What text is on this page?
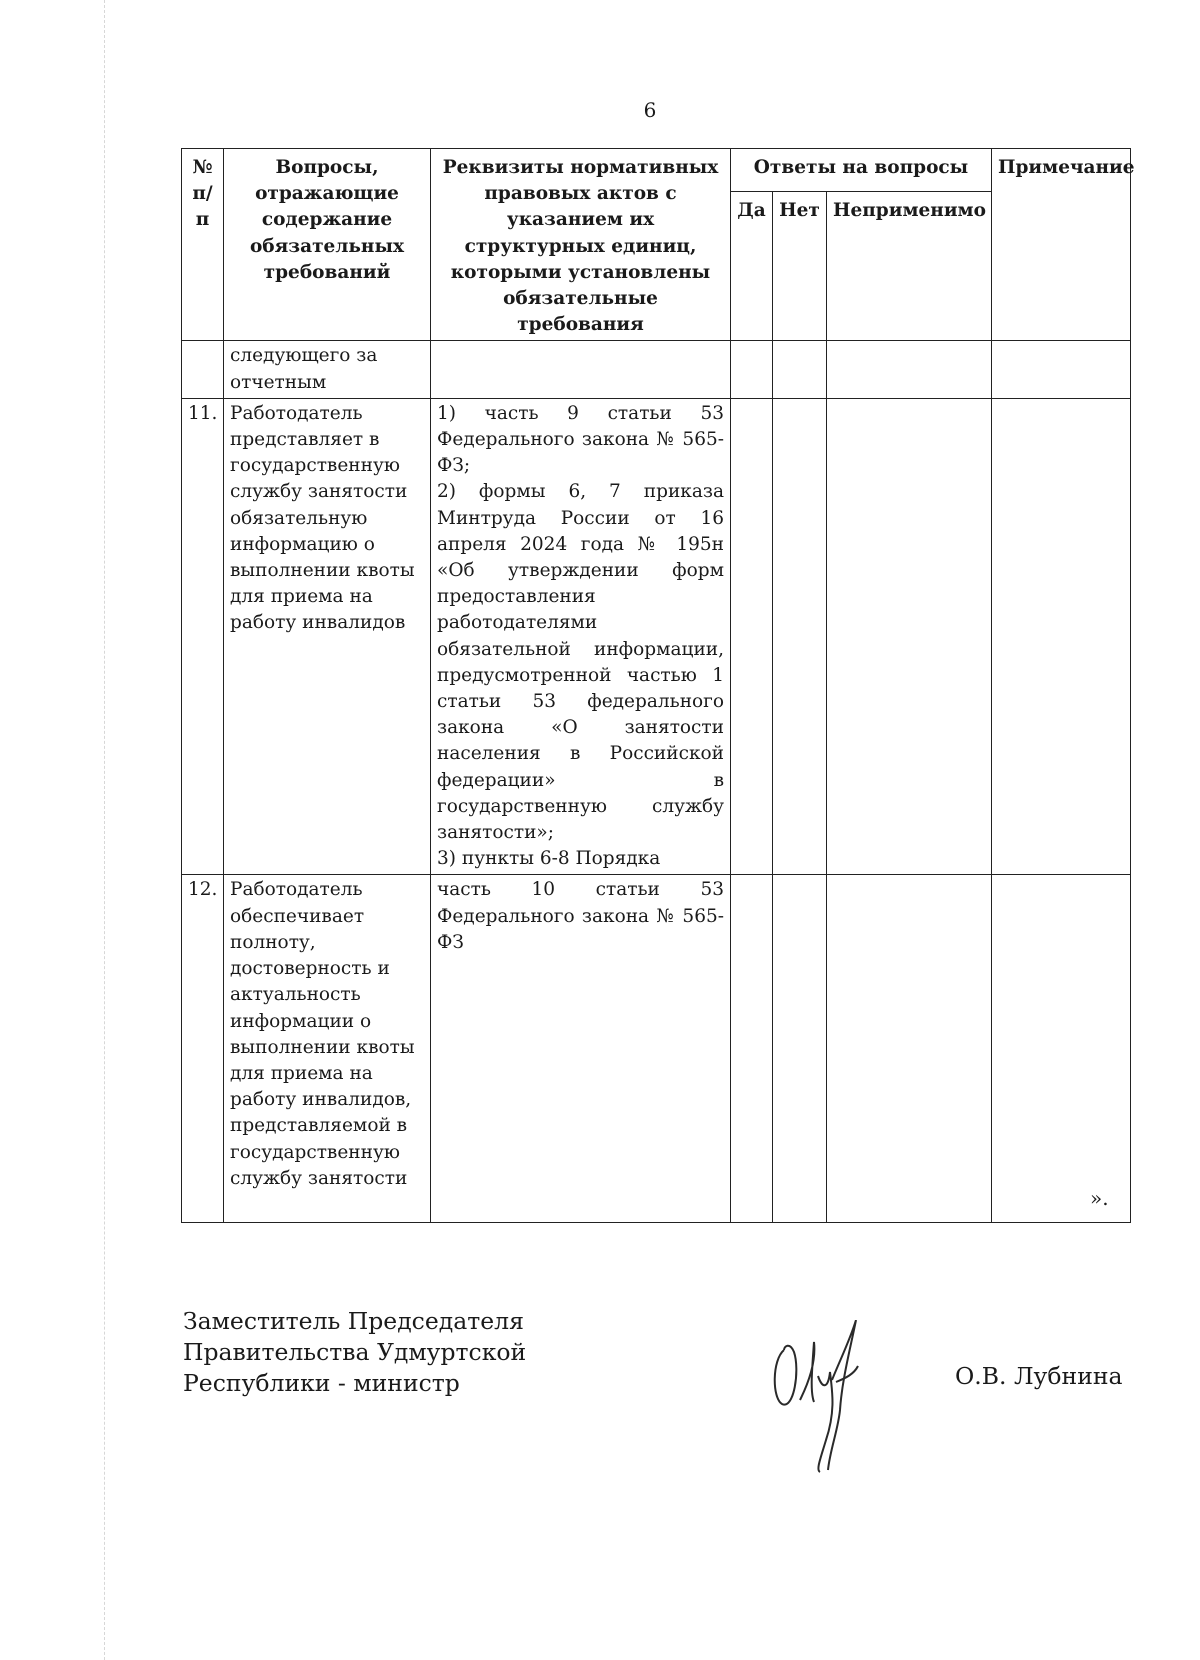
6
№ п/п	Вопросы, отражающие содержание обязательных требований	Реквизиты нормативных правовых актов с указанием их структурных единиц, которыми установлены обязательные требования	Ответы на вопросы			Примечание
			Да	Нет	Неприменимо	
	следующего за отчетным					
11.	Работодатель представляет в государственную службу занятости обязательную информацию о выполнении квоты для приема на работу инвалидов	1) часть 9 статьи 53 Федерального закона № 565-ФЗ;
2) формы 6, 7 приказа Минтруда России от 16 апреля 2024 года № 195н «Об утверждении форм предоставления работодателями обязательной информации, предусмотренной частью 1 статьи 53 федерального закона «О занятости населения в Российской федерации» в государственную службу занятости»;
3) пункты 6-8 Порядка				

12.	Работодатель обеспечивает полноту, достоверность и актуальность информации о выполнении квоты для приема на работу инвалидов, представляемой в государственную службу занятости	часть 10 статьи 53 Федерального закона № 565-ФЗ				

».
Заместитель Председателя
Правительства Удмуртской
Республики - министр	О.В. Лубнина
